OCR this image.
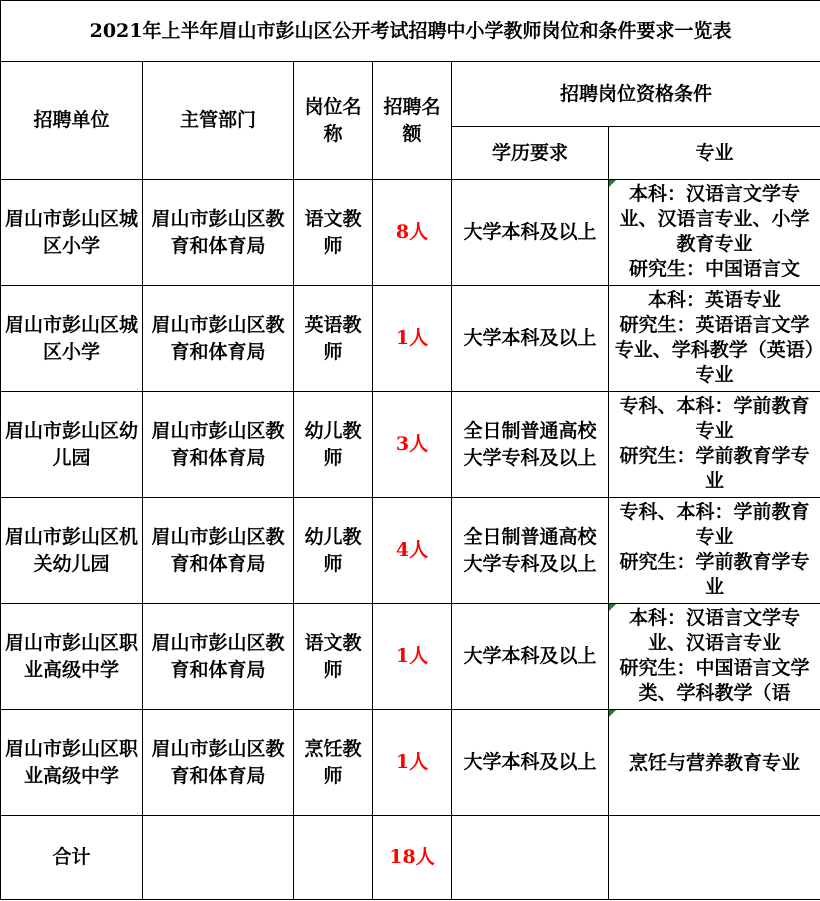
2021年上半年眉山市彭山区公开考试招聘中小学教师岗位和条件要求一览表					
招聘单位	主管部门	岗位名称	招聘名额	招聘岗位资格条件	
				学历要求	专业
眉山市彭山区城区小学	眉山市彭山区教育和体育局	语文教师	8人	大学本科及以上	本科：汉语言文学专业、汉语言专业、小学教育专业
研究生：中国语言文

眉山市彭山区城区小学	眉山市彭山区教育和体育局	英语教师	1人	大学本科及以上	本科：英语专业
研究生：英语语言文学专业、学科教学（英语）专业

眉山市彭山区幼儿园	眉山市彭山区教育和体育局	幼儿教师	3人	全日制普通高校大学专科及以上	专科、本科：学前教育专业
研究生：学前教育学专业

眉山市彭山区机关幼儿园	眉山市彭山区教育和体育局	幼儿教师	4人	全日制普通高校大学专科及以上	专科、本科：学前教育专业
研究生：学前教育学专业

眉山市彭山区职业高级中学	眉山市彭山区教育和体育局	语文教师	1人	大学本科及以上	本科：汉语言文学专业、汉语言专业
研究生：中国语言文学类、学科教学（语

眉山市彭山区职业高级中学	眉山市彭山区教育和体育局	烹饪教师	1人	大学本科及以上	烹饪与营养教育专业

合计			18人		
